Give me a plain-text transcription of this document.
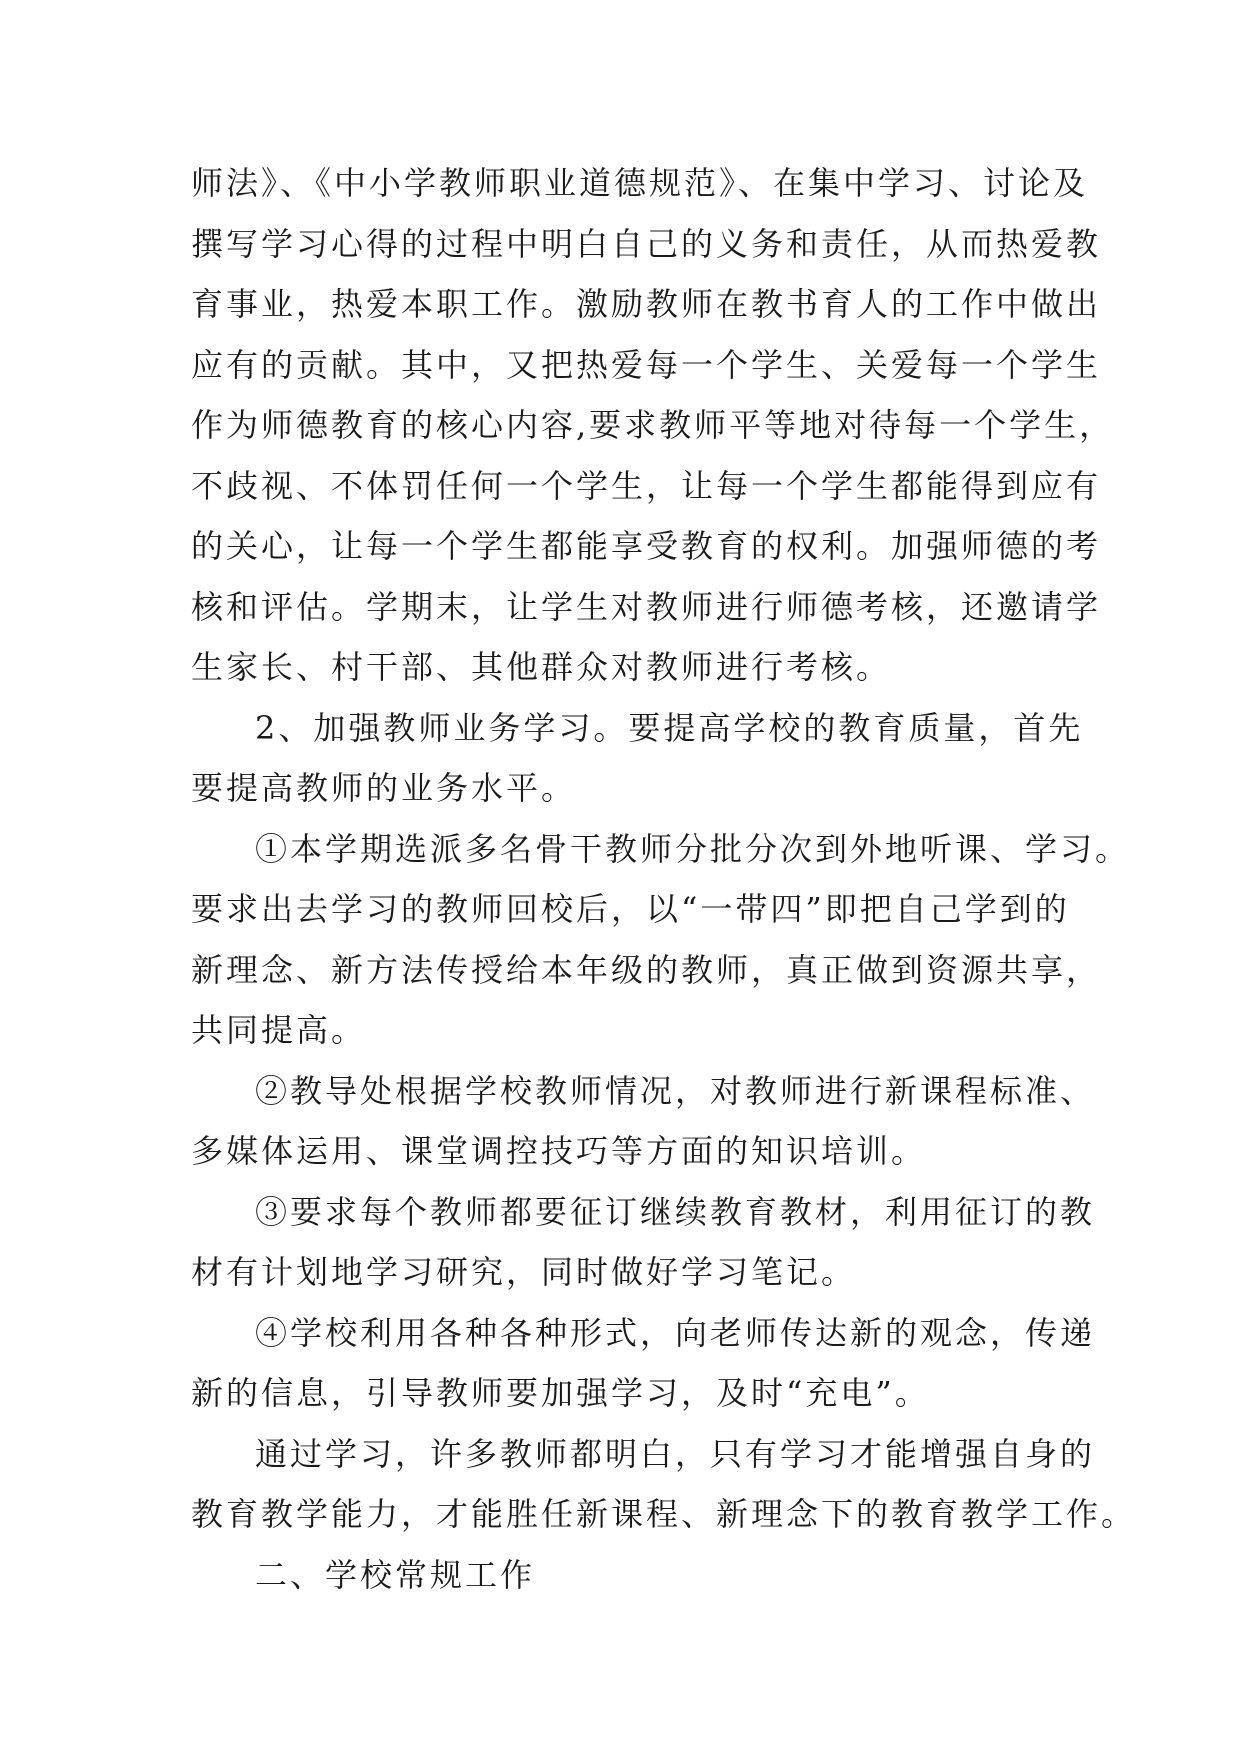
师法》、《中小学教师职业道德规范》、在集中学习、讨论及

撰写学习心得的过程中明白自己的义务和责任，从而热爱教

育事业，热爱本职工作。激励教师在教书育人的工作中做出

应有的贡献。其中，又把热爱每一个学生、关爱每一个学生

作为师德教育的核心内容,要求教师平等地对待每一个学生，

不歧视、不体罚任何一个学生，让每一个学生都能得到应有

的关心，让每一个学生都能享受教育的权利。加强师德的考

核和评估。学期末，让学生对教师进行师德考核，还邀请学

生家长、村干部、其他群众对教师进行考核。

2、加强教师业务学习。要提高学校的教育质量，首先

要提高教师的业务水平。

①本学期选派多名骨干教师分批分次到外地听课、学习。

要求出去学习的教师回校后，以“一带四”即把自己学到的

新理念、新方法传授给本年级的教师，真正做到资源共享，

共同提高。

②教导处根据学校教师情况，对教师进行新课程标准、

多媒体运用、课堂调控技巧等方面的知识培训。

③要求每个教师都要征订继续教育教材，利用征订的教

材有计划地学习研究，同时做好学习笔记。

④学校利用各种各种形式，向老师传达新的观念，传递

新的信息，引导教师要加强学习，及时“充电”。

通过学习，许多教师都明白，只有学习才能增强自身的

教育教学能力，才能胜任新课程、新理念下的教育教学工作。

二、学校常规工作
